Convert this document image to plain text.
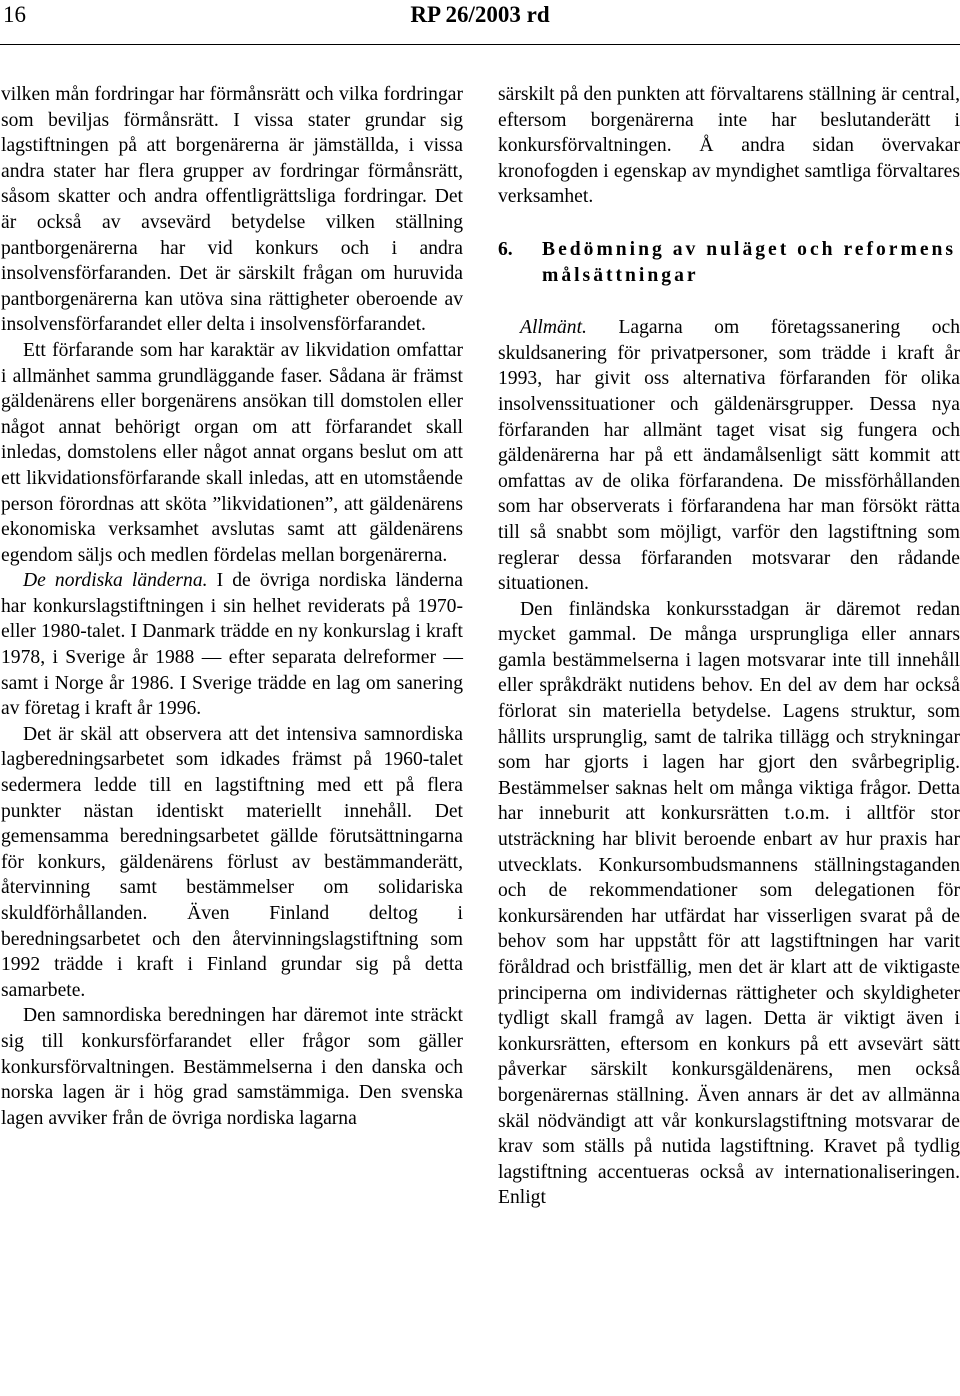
16	RP 26/2003 rd

vilken mån fordringar har förmånsrätt och vilka fordringar som beviljas förmånsrätt. I vissa stater grundar sig lagstiftningen på att borgenärerna är jämställda, i vissa andra stater har flera grupper av fordringar förmånsrätt, såsom skatter och andra offentligrättsliga fordringar. Det är också av avsevärd betydelse vilken ställning pantborgenärerna har vid konkurs och i andra insolvensförfaranden. Det är särskilt frågan om huruvida pantborgenärerna kan utöva sina rättigheter oberoende av insolvensförfarandet eller delta i insolvensförfarandet.

Ett förfarande som har karaktär av likvidation omfattar i allmänhet samma grundläggande faser. Sådana är främst gäldenärens eller borgenärens ansökan till domstolen eller något annat behörigt organ om att förfarandet skall inledas, domstolens eller något annat organs beslut om att ett likvidationsförfarande skall inledas, att en utomstående person förordnas att sköta ”likvidationen”, att gäldenärens ekonomiska verksamhet avslutas samt att gäldenärens egendom säljs och medlen fördelas mellan borgenärerna.

De nordiska länderna. I de övriga nordiska länderna har konkurslagstiftningen i sin helhet reviderats på 1970- eller 1980-talet. I Danmark trädde en ny konkurslag i kraft 1978, i Sverige år 1988 — efter separata delreformer — samt i Norge år 1986. I Sverige trädde en lag om sanering av företag i kraft år 1996.

Det är skäl att observera att det intensiva samnordiska lagberedningsarbetet som idkades främst på 1960-talet sedermera ledde till en lagstiftning med ett på flera punkter nästan identiskt materiellt innehåll. Det gemensamma beredningsarbetet gällde förutsättningarna för konkurs, gäldenärens förlust av bestämmanderätt, återvinning samt bestämmelser om solidariska skuldförhållanden. Även Finland deltog i beredningsarbetet och den återvinningslagstiftning som 1992 trädde i kraft i Finland grundar sig på detta samarbete.

Den samnordiska beredningen har däremot inte sträckt sig till konkursförfarandet eller frågor som gäller konkursförvaltningen. Bestämmelserna i den danska och norska lagen är i hög grad samstämmiga. Den svenska lagen avviker från de övriga nordiska lagarna

särskilt på den punkten att förvaltarens ställning är central, eftersom borgenärerna inte har beslutanderätt i konkursförvaltningen. Å andra sidan övervakar kronofogden i egenskap av myndighet samtliga förvaltares verksamhet.

6. Bedömning av nuläget och reformens målsättningar

Allmänt. Lagarna om företagssanering och skuldsanering för privatpersoner, som trädde i kraft år 1993, har givit oss alternativa förfaranden för olika insolvenssituationer och gäldenärsgrupper. Dessa nya förfaranden har allmänt taget visat sig fungera och gäldenärerna har på ett ändamålsenligt sätt kommit att omfattas av de olika förfarandena. De missförhållanden som har observerats i förfarandena har man försökt rätta till så snabbt som möjligt, varför den lagstiftning som reglerar dessa förfaranden motsvarar den rådande situationen.

Den finländska konkursstadgan är däremot redan mycket gammal. De många ursprungliga eller annars gamla bestämmelserna i lagen motsvarar inte till innehåll eller språkdräkt nutidens behov. En del av dem har också förlorat sin materiella betydelse. Lagens struktur, som hållits ursprunglig, samt de talrika tillägg och strykningar som har gjorts i lagen har gjort den svårbegriplig. Bestämmelser saknas helt om många viktiga frågor. Detta har inneburit att konkursrätten t.o.m. i alltför stor utsträckning har blivit beroende enbart av hur praxis har utvecklats. Konkursombudsmannens ställningstaganden och de rekommendationer som delegationen för konkursärenden har utfärdat har visserligen svarat på de behov som har uppstått för att lagstiftningen har varit föråldrad och bristfällig, men det är klart att de viktigaste principerna om individernas rättigheter och skyldigheter tydligt skall framgå av lagen. Detta är viktigt även i konkursrätten, eftersom en konkurs på ett avsevärt sätt påverkar särskilt konkursgäldenärens, men också borgenärernas ställning. Även annars är det av allmänna skäl nödvändigt att vår konkurslagstiftning motsvarar de krav som ställs på nutida lagstiftning. Kravet på tydlig lagstiftning accentueras också av internationaliseringen. Enligt
